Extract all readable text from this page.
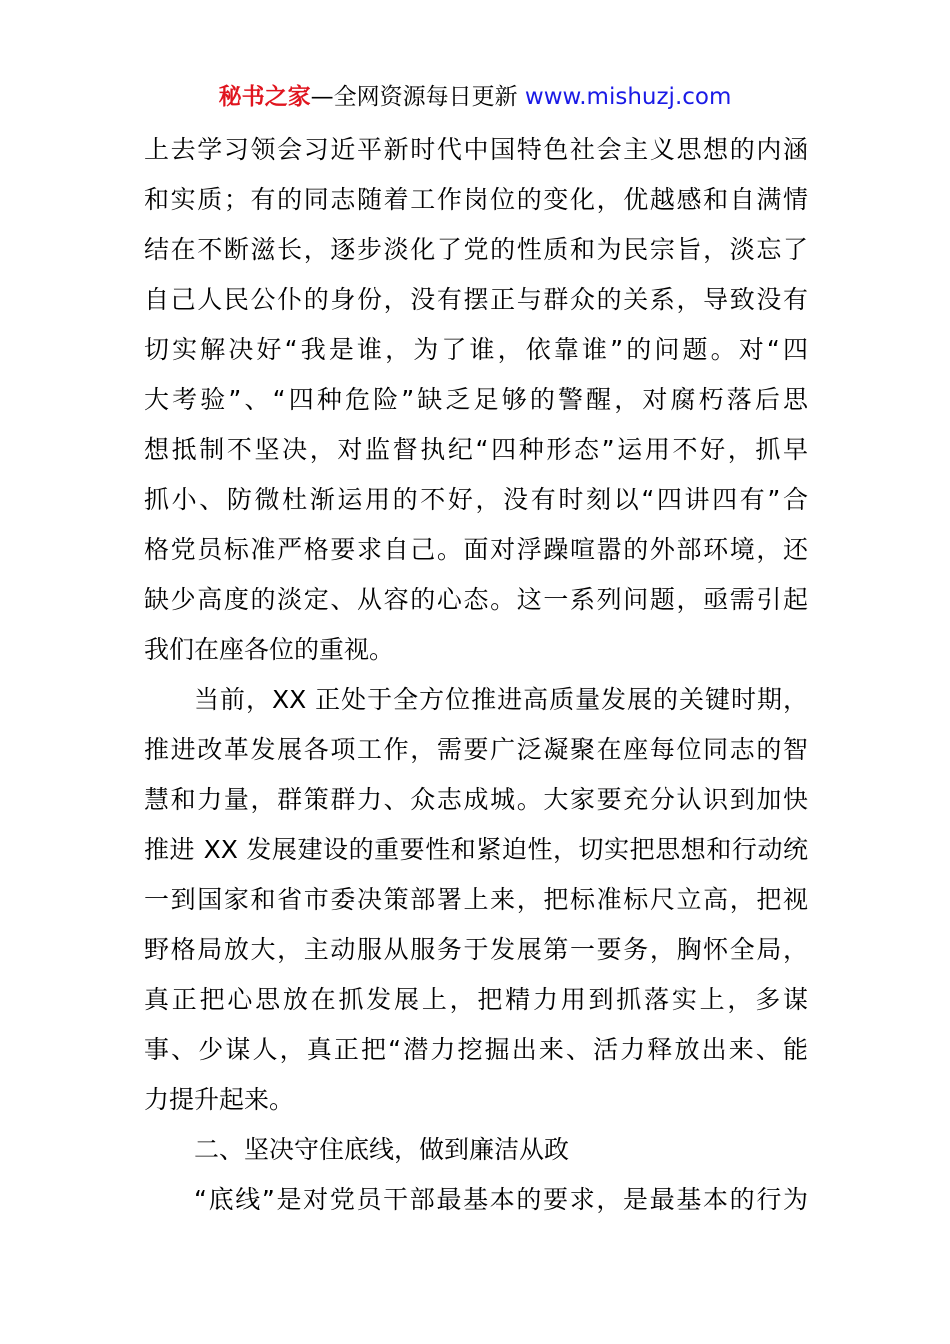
秘书之家—全网资源每日更新 www.mishuzj.com
上去学习领会习近平新时代中国特色社会主义思想的内涵
和实质；有的同志随着工作岗位的变化，优越感和自满情
结在不断滋长，逐步淡化了党的性质和为民宗旨，淡忘了
自己人民公仆的身份，没有摆正与群众的关系，导致没有
切实解决好“我是谁，为了谁，依靠谁”的问题。对“四
大考验”、“四种危险”缺乏足够的警醒，对腐朽落后思
想抵制不坚决，对监督执纪“四种形态”运用不好，抓早
抓小、防微杜渐运用的不好，没有时刻以“四讲四有”合
格党员标准严格要求自己。面对浮躁喧嚣的外部环境，还
缺少高度的淡定、从容的心态。这一系列问题，亟需引起
我们在座各位的重视。
当前，XX 正处于全方位推进高质量发展的关键时期，
推进改革发展各项工作，需要广泛凝聚在座每位同志的智
慧和力量，群策群力、众志成城。大家要充分认识到加快
推进 XX 发展建设的重要性和紧迫性，切实把思想和行动统
一到国家和省市委决策部署上来，把标准标尺立高，把视
野格局放大，主动服从服务于发展第一要务，胸怀全局，
真正把心思放在抓发展上，把精力用到抓落实上，多谋
事、少谋人，真正把“潜力挖掘出来、活力释放出来、能
力提升起来。
二、坚决守住底线，做到廉洁从政
“底线”是对党员干部最基本的要求，是最基本的行为
